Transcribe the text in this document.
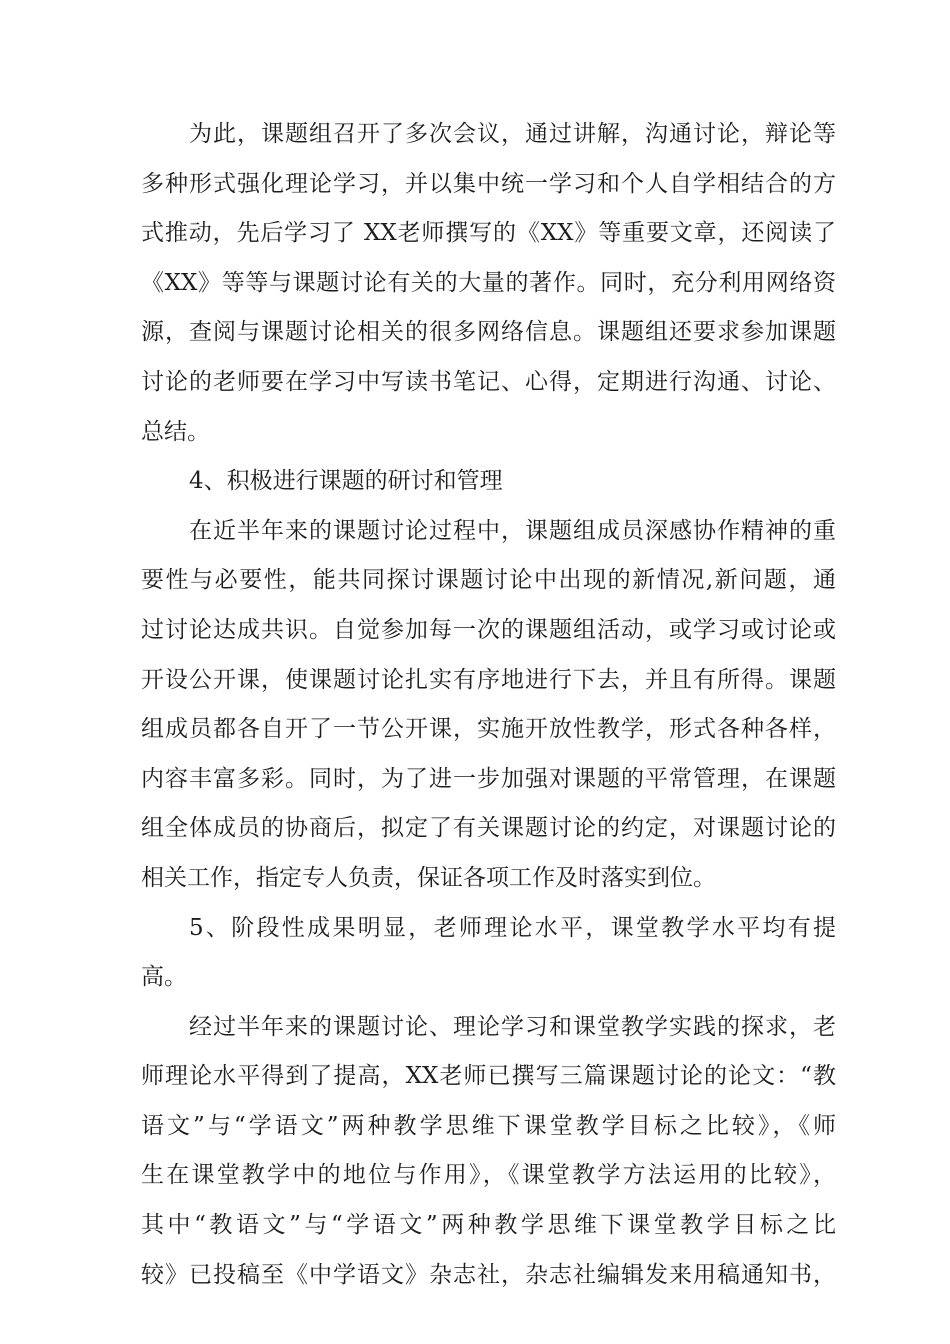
为此，课题组召开了多次会议，通过讲解，沟通讨论，辩论等
多种形式强化理论学习，并以集中统一学习和个人自学相结合的方
式推动，先后学习了 XX老师撰写的《XX》等重要文章，还阅读了
《XX》等等与课题讨论有关的大量的著作。同时，充分利用网络资
源，查阅与课题讨论相关的很多网络信息。课题组还要求参加课题
讨论的老师要在学习中写读书笔记、心得，定期进行沟通、讨论、
总结。
4、积极进行课题的研讨和管理
在近半年来的课题讨论过程中，课题组成员深感协作精神的重
要性与必要性，能共同探讨课题讨论中出现的新情况,新问题，通
过讨论达成共识。自觉参加每一次的课题组活动，或学习或讨论或
开设公开课，使课题讨论扎实有序地进行下去，并且有所得。课题
组成员都各自开了一节公开课，实施开放性教学，形式各种各样，
内容丰富多彩。同时，为了进一步加强对课题的平常管理，在课题
组全体成员的协商后，拟定了有关课题讨论的约定，对课题讨论的
相关工作，指定专人负责，保证各项工作及时落实到位。
5、阶段性成果明显，老师理论水平，课堂教学水平均有提
高。
经过半年来的课题讨论、理论学习和课堂教学实践的探求，老
师理论水平得到了提高，XX老师已撰写三篇课题讨论的论文：“教
语文”与“学语文”两种教学思维下课堂教学目标之比较》，《师
生在课堂教学中的地位与作用》，《课堂教学方法运用的比较》，
其中“教语文”与“学语文”两种教学思维下课堂教学目标之比
较》已投稿至《中学语文》杂志社，杂志社编辑发来用稿通知书，
